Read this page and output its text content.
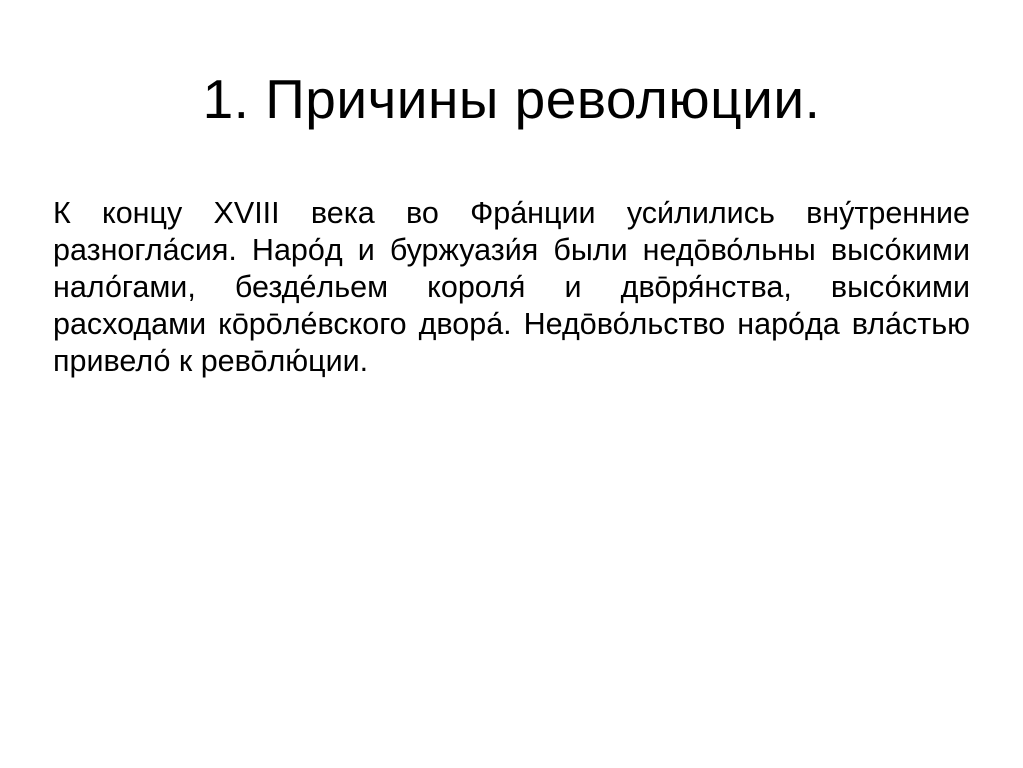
1. Причины революции.

К концу XVIII века во Фра́нции уси́лились вну́тренние разногла́сия. Наро́д и буржуази́я были недо̄во́льны высо́кими нало́гами, безде́льем короля́ и дво̄ря́нства, высо́кими расходами ко̄ро̄ле́вского двора́. Недо̄во́льство наро́да вла́стью привело́ к рево̄лю́ции.
